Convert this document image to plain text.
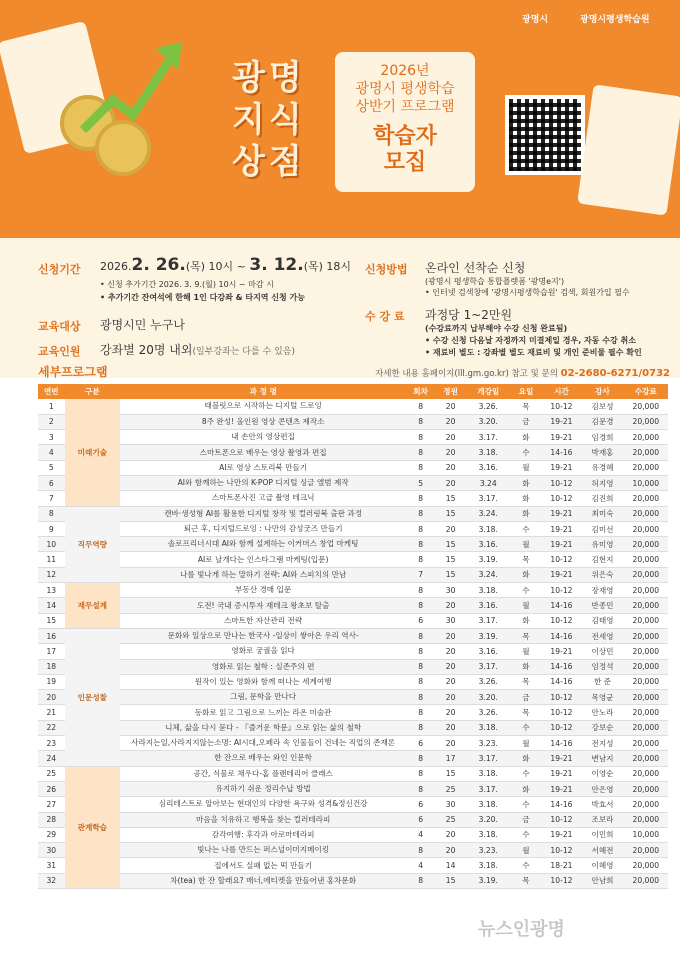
광명시	광명시평생학습원
광명
지식
상점
2026년
광명시 평생학습
상반기 프로그램
학습자
모집
신청기간 2026.2. 26.(목) 10시 ~ 3. 12.(목) 18시
• 신청 추가기간 2026. 3. 9.(월) 10시 ~ 마감 시
• 추가기간 잔여석에 한해 1인 다강좌 & 타지역 신청 가능
교육대상 광명시민 누구나
교육인원 강좌별 20명 내외(일부강좌는 다를 수 있음)
신청방법 온라인 선착순 신청
(광명시 평생학습 통합플랫폼 '광명e지')
• 인터넷 검색창에 '광명시평생학습원' 검색, 회원가입 필수
수 강 료 과정당 1~2만원
(수강료까지 납부해야 수강 신청 완료됨)
• 수강 신청 다음날 자정까지 미결제일 경우, 자동 수강 취소
• 재료비 별도 : 강좌별 별도 재료비 및 개인 준비물 필수 확인
세부프로그램	자세한 내용 홈페이지(lll.gm.go.kr) 참고 및 문의 02-2680-6271/0732
연번	구분	과 정 명	회차	정원	개강일	요일	시간	강사	수강료
1	미래기술	태블릿으로 시작하는 디지털 드로잉	8	20	3.26.	목	10-12	김보성	20,000
2		8주 완성! 올인원 영상 콘텐츠 제작소	8	20	3.20.	금	19-21	김문경	20,000
3		내 손안의 영상편집	8	20	3.17.	화	19-21	임경희	20,000
4		스마트폰으로 배우는 영상 촬영과 편집	8	20	3.18.	수	14-16	박재홍	20,000
5		AI로 영상 스토리북 만들기	8	20	3.16.	월	19-21	유경혜	20,000
6		AI와 함께하는 나만의 K-POP 디지털 싱글 앨범 제작	5	20	3.24	화	10-12	허지영	10,000
7		스마트폰사진 고급 촬영 테크닉	8	15	3.17.	화	10-12	김진희	20,000
8	직무역량	캔바·생성형 AI를 활용한 디지털 창작 및 컬러링북 출판 과정	8	15	3.24.	화	19-21	최미숙	20,000
9		퇴근 후, 디지털드로잉 : 나만의 감성굿즈 만들기	8	20	3.18.	수	19-21	김미선	20,000
10		솔로프리너시대 AI와 함께 설계하는 이커머스 창업 마케팅	8	15	3.16.	월	19-21	유미영	20,000
11		AI로 날개다는 인스타그램 마케팅(입문)	8	15	3.19.	목	10-12	김현지	20,000
12		나를 빛나게 하는 말하기 전략: AI와 스피치의 만남	7	15	3.24.	화	19-21	위은숙	20,000
13	재무설계	부동산 경매 입문	8	30	3.18.	수	10-12	장재영	20,000
14		도전! 국내 증시투자 재테크 왕초보 탈출	8	20	3.16.	월	14-16	반종민	20,000
15		스마트한 자산관리 전략	6	30	3.17.	화	10-12	김태영	20,000
16	인문성찰	문화와 일상으로 만나는 한국사 -일상이 쌓아온 우리 역사-	8	20	3.19.	목	14-16	전세영	20,000
17		영화로 궁궐을 읽다	8	20	3.16.	월	19-21	이상민	20,000
18		영화로 읽는 철학 : 실존주의 편	8	20	3.17.	화	14-16	임정석	20,000
19		원작이 있는 영화와 함께 떠나는 세계여행	8	20	3.26.	목	14-16	한 준	20,000
20		그림, 문학을 만나다	8	20	3.20.	금	10-12	목영균	20,000
21		동화로 읽고 그림으로 느끼는 라온 미술관	8	20	3.26.	목	10-12	안노라	20,000
22		니체, 삶을 다시 묻다 - 『즐거운 학문』으로 읽는 삶의 철학	8	20	3.18.	수	10-12	강보순	20,000
23		사라지는일,사라지지않는소명: AI시대,오페라 속 인물들이 건네는 직업의 존재론	6	20	3.23.	월	14-16	전지성	20,000
24		한 잔으로 배우는 와인 인문학	8	17	3.17.	화	19-21	변남지	20,000
25	관계학습	공간, 식물로 채우다-홈 플랜테리어 클래스	8	15	3.18.	수	19-21	이영순	20,000
26		유지하기 쉬운 정리수납 방법	8	25	3.17.	화	19-21	안은영	20,000
27		심리테스트로 알아보는 현대인의 다양한 욕구와 성격&정신건강	6	30	3.18.	수	14-16	박효서	20,000
28		마음을 치유하고 행복을 찾는 컬러테라피	6	25	3.20.	금	10-12	조보라	20,000
29		감각여행: 후각과 아로마테라피	4	20	3.18.	수	19-21	이민희	10,000
30		빛나는 나를 만드는 퍼스널이미지메이킹	8	20	3.23.	월	10-12	서혜전	20,000
31		집에서도 실패 없는 떡 만들기	4	14	3.18.	수	18-21	이혜영	20,000
32		차(tea) 한 잔 할래요? 매너,에티켓을 만들어낸 홍차문화	8	15	3.19.	목	10-12	안남희	20,000
뉴스인광명
